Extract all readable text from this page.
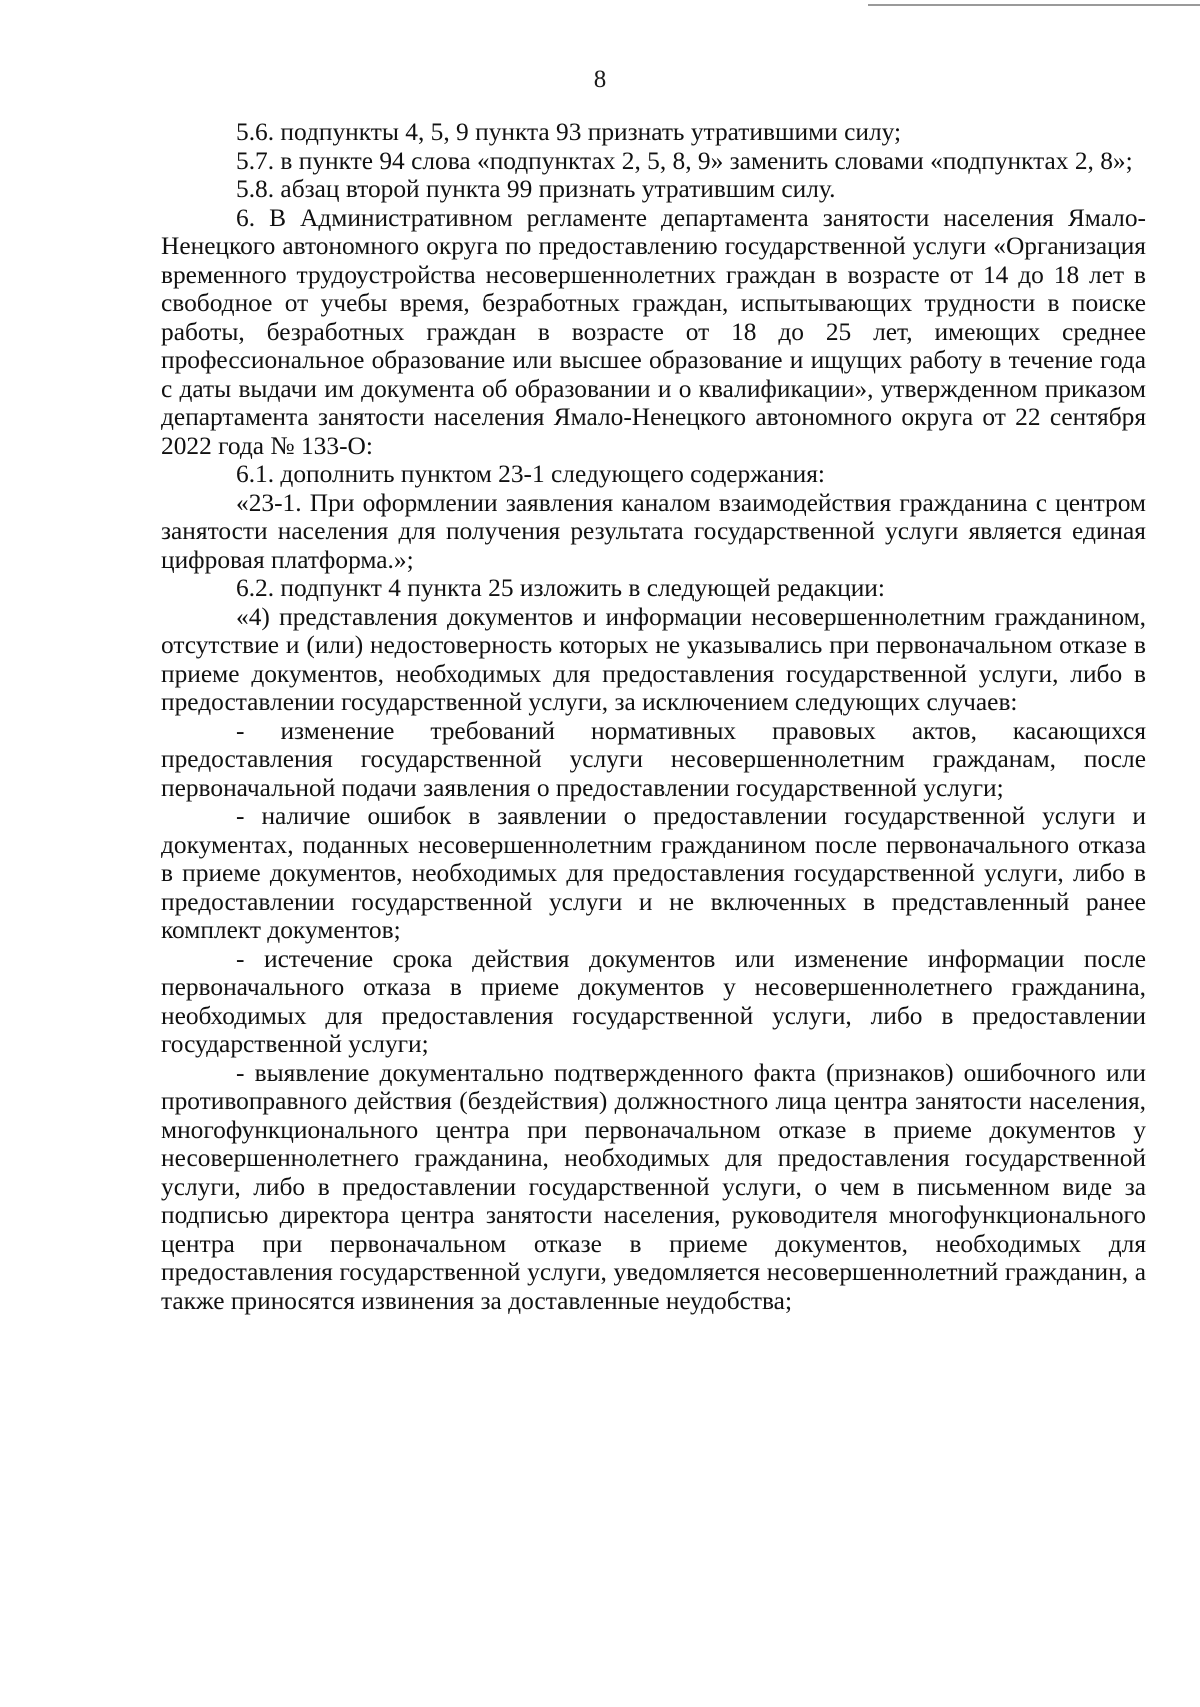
8

5.6. подпункты 4, 5, 9 пункта 93 признать утратившими силу;

5.7. в пункте 94 слова «подпунктах 2, 5, 8, 9» заменить словами «подпунктах 2, 8»;

5.8. абзац второй пункта 99 признать утратившим силу.

6. В Административном регламенте департамента занятости населения Ямало-Ненецкого автономного округа по предоставлению государственной услуги «Организация временного трудоустройства несовершеннолетних граждан в возрасте от 14 до 18 лет в свободное от учебы время, безработных граждан, испытывающих трудности в поиске работы, безработных граждан в возрасте от 18 до 25 лет, имеющих среднее профессиональное образование или высшее образование и ищущих работу в течение года с даты выдачи им документа об образовании и о квалификации», утвержденном приказом департамента занятости населения Ямало-Ненецкого автономного округа от 22 сентября 2022 года № 133-О:

6.1. дополнить пунктом 23-1 следующего содержания:

«23-1. При оформлении заявления каналом взаимодействия гражданина с центром занятости населения для получения результата государственной услуги является единая цифровая платформа.»;

6.2. подпункт 4 пункта 25 изложить в следующей редакции:

«4) представления документов и информации несовершеннолетним гражданином, отсутствие и (или) недостоверность которых не указывались при первоначальном отказе в приеме документов, необходимых для предоставления государственной услуги, либо в предоставлении государственной услуги, за исключением следующих случаев:

- изменение требований нормативных правовых актов, касающихся предоставления государственной услуги несовершеннолетним гражданам, после первоначальной подачи заявления о предоставлении государственной услуги;

- наличие ошибок в заявлении о предоставлении государственной услуги и документах, поданных несовершеннолетним гражданином после первоначального отказа в приеме документов, необходимых для предоставления государственной услуги, либо в предоставлении государственной услуги и не включенных в представленный ранее комплект документов;

- истечение срока действия документов или изменение информации после первоначального отказа в приеме документов у несовершеннолетнего гражданина, необходимых для предоставления государственной услуги, либо в предоставлении государственной услуги;

- выявление документально подтвержденного факта (признаков) ошибочного или противоправного действия (бездействия) должностного лица центра занятости населения, многофункционального центра при первоначальном отказе в приеме документов у несовершеннолетнего гражданина, необходимых для предоставления государственной услуги, либо в предоставлении государственной услуги, о чем в письменном виде за подписью директора центра занятости населения, руководителя многофункционального центра при первоначальном отказе в приеме документов, необходимых для предоставления государственной услуги, уведомляется несовершеннолетний гражданин, а также приносятся извинения за доставленные неудобства;
